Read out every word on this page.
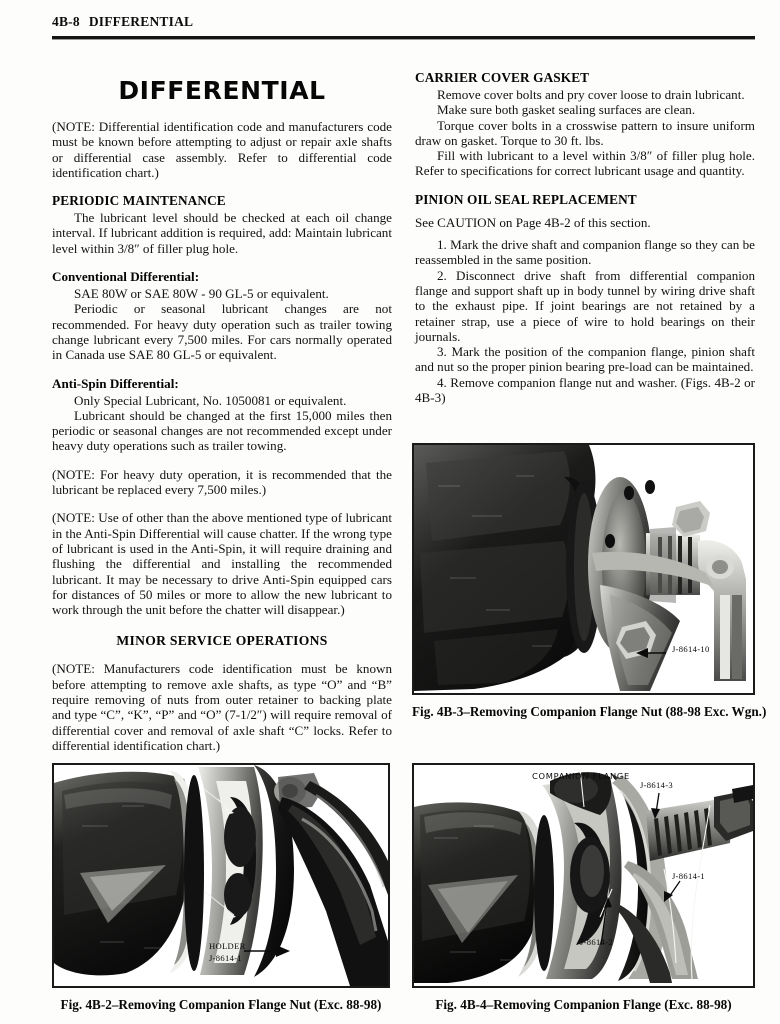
4B-8 DIFFERENTIAL
DIFFERENTIAL

(NOTE: Differential identification code and manufacturers code must be known before attempting to adjust or repair axle shafts or differential case assembly. Refer to differential code identification chart.)

PERIODIC MAINTENANCE

The lubricant level should be checked at each oil change interval. If lubricant addition is required, add: Maintain lubricant level within 3/8″ of filler plug hole.

Conventional Differential:

SAE 80W or SAE 80W - 90 GL-5 or equivalent.

Periodic or seasonal lubricant changes are not recommended. For heavy duty operation such as trailer towing change lubricant every 7,500 miles. For cars normally operated in Canada use SAE 80 GL-5 or equivalent.

Anti-Spin Differential:

Only Special Lubricant, No. 1050081 or equivalent.

Lubricant should be changed at the first 15,000 miles then periodic or seasonal changes are not recommended except under heavy duty operations such as trailer towing.

(NOTE: For heavy duty operation, it is recommended that the lubricant be replaced every 7,500 miles.)

(NOTE: Use of other than the above mentioned type of lubricant in the Anti-Spin Differential will cause chatter. If the wrong type of lubricant is used in the Anti-Spin, it will require draining and flushing the differential and installing the recommended lubricant. It may be necessary to drive Anti-Spin equipped cars for distances of 50 miles or more to allow the new lubricant to work through the unit before the chatter will disappear.)

MINOR SERVICE OPERATIONS

(NOTE: Manufacturers code identification must be known before attempting to remove axle shafts, as type “O” and “B” require removing of nuts from outer retainer to backing plate and type “C”, “K”, “P” and “O” (7-1/2″) will require removal of differential cover and removal of axle shaft “C” locks. Refer to differential identification chart.)

CARRIER COVER GASKET

Remove cover bolts and pry cover loose to drain lubricant.

Make sure both gasket sealing surfaces are clean.

Torque cover bolts in a crosswise pattern to insure uniform draw on gasket. Torque to 30 ft. lbs.

Fill with lubricant to a level within 3/8″ of filler plug hole. Refer to specifications for correct lubricant usage and quantity.

PINION OIL SEAL REPLACEMENT

See CAUTION on Page 4B-2 of this section.

1. Mark the drive shaft and companion flange so they can be reassembled in the same position.

2. Disconnect drive shaft from differential companion flange and support shaft up in body tunnel by wiring drive shaft to the exhaust pipe. If joint bearings are not retained by a retainer strap, use a piece of wire to hold bearings on their journals.

3. Mark the position of the companion flange, pinion shaft and nut so the proper pinion bearing pre-load can be maintained.

4. Remove companion flange nut and washer. (Figs. 4B-2 or 4B-3)

J-8614-10
Fig. 4B-3–Removing Companion Flange Nut (88-98 Exc. Wgn.)
HOLDER
J-8614-1
Fig. 4B-2–Removing Companion Flange Nut (Exc. 88-98)
COMPANION FLANGE
J-8614-3
J-8614-1
J-8614-2
Fig. 4B-4–Removing Companion Flange (Exc. 88-98)
